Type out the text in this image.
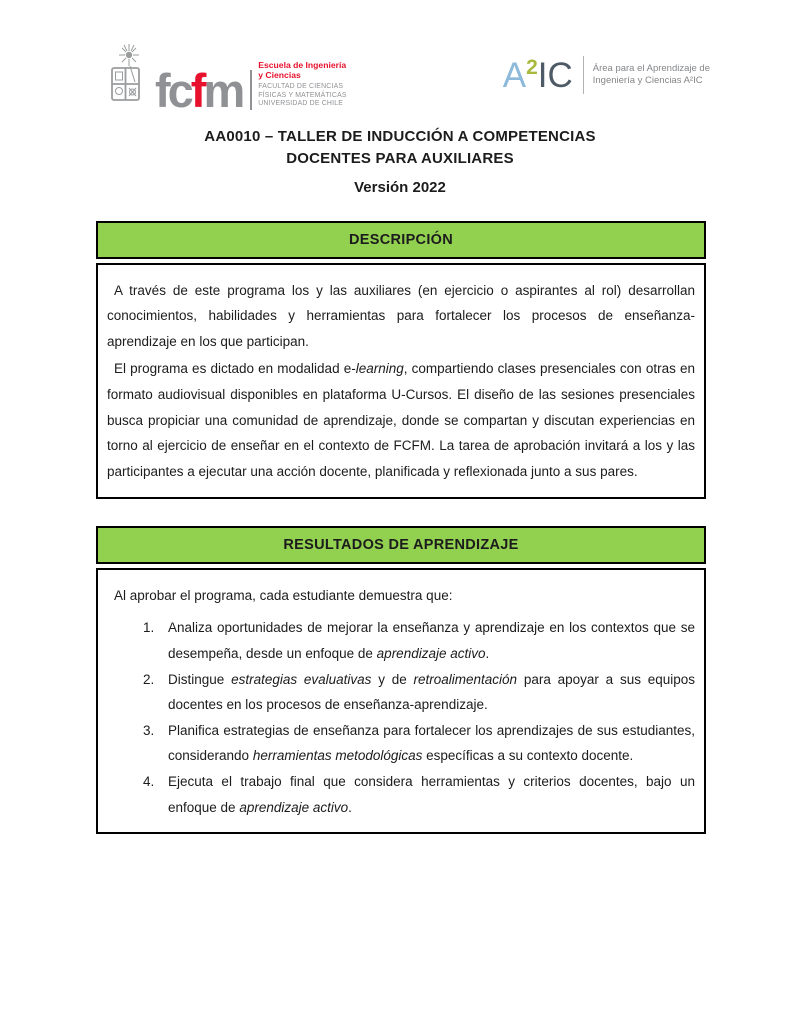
fcfm Escuela de Ingeniería
y Ciencias
FACULTAD DE CIENCIAS
FÍSICAS Y MATEMÁTICAS
UNIVERSIDAD DE CHILE
$A^2IC$ Área para el Aprendizaje de
Ingeniería y Ciencias A²IC
AA0010 – TALLER DE INDUCCIÓN A COMPETENCIAS
DOCENTES PARA AUXILIARES
Versión 2022
DESCRIPCIÓN

A través de este programa los y las auxiliares (en ejercicio o aspirantes al rol) desarrollan conocimientos, habilidades y herramientas para fortalecer los procesos de enseñanza-aprendizaje en los que participan.

El programa es dictado en modalidad e-learning, compartiendo clases presenciales con otras en formato audiovisual disponibles en plataforma U-Cursos. El diseño de las sesiones presenciales busca propiciar una comunidad de aprendizaje, donde se compartan y discutan experiencias en torno al ejercicio de enseñar en el contexto de FCFM. La tarea de aprobación invitará a los y las participantes a ejecutar una acción docente, planificada y reflexionada junto a sus pares.

RESULTADOS DE APRENDIZAJE

Al aprobar el programa, cada estudiante demuestra que:

1.	Analiza oportunidades de mejorar la enseñanza y aprendizaje en los contextos que se desempeña, desde un enfoque de aprendizaje activo.
2.	Distingue estrategias evaluativas y de retroalimentación para apoyar a sus equipos docentes en los procesos de enseñanza-aprendizaje.
3.	Planifica estrategias de enseñanza para fortalecer los aprendizajes de sus estudiantes, considerando herramientas metodológicas específicas a su contexto docente.
4.	Ejecuta el trabajo final que considera herramientas y criterios docentes, bajo un enfoque de aprendizaje activo.
